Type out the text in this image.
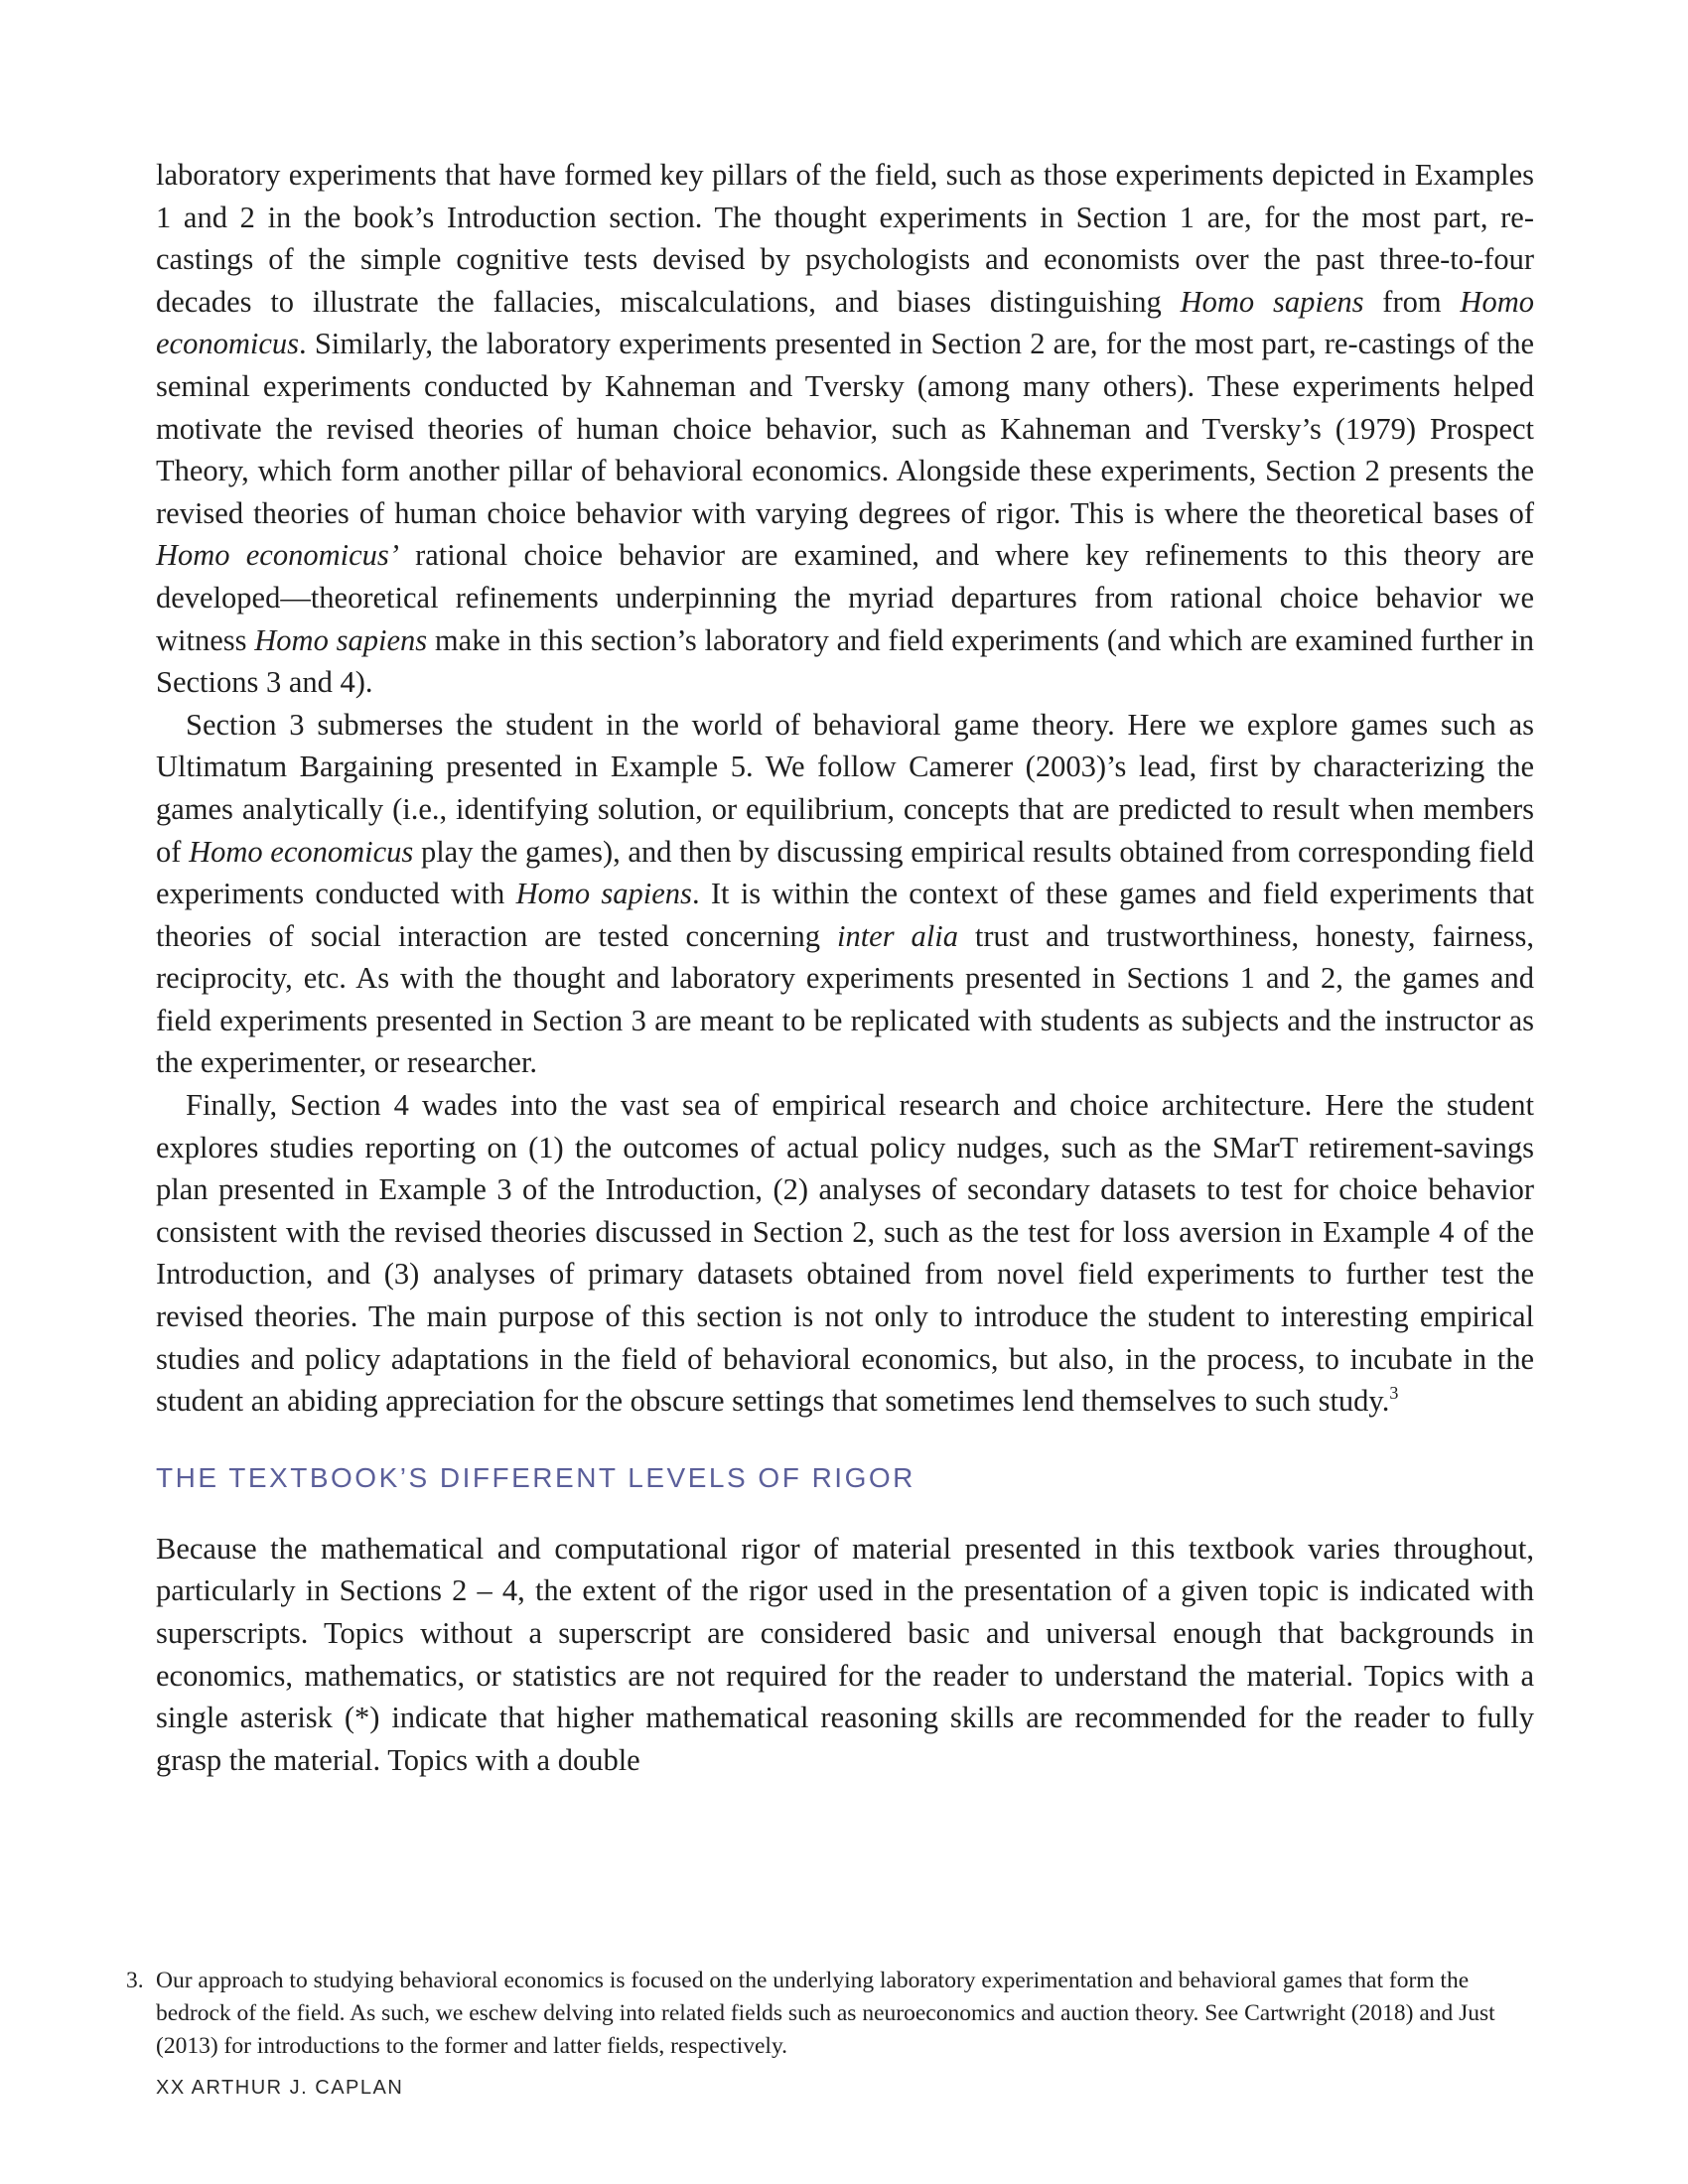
laboratory experiments that have formed key pillars of the field, such as those experiments depicted in Examples 1 and 2 in the book’s Introduction section. The thought experiments in Section 1 are, for the most part, re-castings of the simple cognitive tests devised by psychologists and economists over the past three-to-four decades to illustrate the fallacies, miscalculations, and biases distinguishing Homo sapiens from Homo economicus. Similarly, the laboratory experiments presented in Section 2 are, for the most part, re-castings of the seminal experiments conducted by Kahneman and Tversky (among many others). These experiments helped motivate the revised theories of human choice behavior, such as Kahneman and Tversky’s (1979) Prospect Theory, which form another pillar of behavioral economics. Alongside these experiments, Section 2 presents the revised theories of human choice behavior with varying degrees of rigor. This is where the theoretical bases of Homo economicus’ rational choice behavior are examined, and where key refinements to this theory are developed—theoretical refinements underpinning the myriad departures from rational choice behavior we witness Homo sapiens make in this section’s laboratory and field experiments (and which are examined further in Sections 3 and 4).

Section 3 submerses the student in the world of behavioral game theory. Here we explore games such as Ultimatum Bargaining presented in Example 5. We follow Camerer (2003)’s lead, first by characterizing the games analytically (i.e., identifying solution, or equilibrium, concepts that are predicted to result when members of Homo economicus play the games), and then by discussing empirical results obtained from corresponding field experiments conducted with Homo sapiens. It is within the context of these games and field experiments that theories of social interaction are tested concerning inter alia trust and trustworthiness, honesty, fairness, reciprocity, etc. As with the thought and laboratory experiments presented in Sections 1 and 2, the games and field experiments presented in Section 3 are meant to be replicated with students as subjects and the instructor as the experimenter, or researcher.

Finally, Section 4 wades into the vast sea of empirical research and choice architecture. Here the student explores studies reporting on (1) the outcomes of actual policy nudges, such as the SMarT retirement-savings plan presented in Example 3 of the Introduction, (2) analyses of secondary datasets to test for choice behavior consistent with the revised theories discussed in Section 2, such as the test for loss aversion in Example 4 of the Introduction, and (3) analyses of primary datasets obtained from novel field experiments to further test the revised theories. The main purpose of this section is not only to introduce the student to interesting empirical studies and policy adaptations in the field of behavioral economics, but also, in the process, to incubate in the student an abiding appreciation for the obscure settings that sometimes lend themselves to such study.$^3$

THE TEXTBOOK’S DIFFERENT LEVELS OF RIGOR

Because the mathematical and computational rigor of material presented in this textbook varies throughout, particularly in Sections 2 – 4, the extent of the rigor used in the presentation of a given topic is indicated with superscripts. Topics without a superscript are considered basic and universal enough that backgrounds in economics, mathematics, or statistics are not required for the reader to understand the material. Topics with a single asterisk (*) indicate that higher mathematical reasoning skills are recommended for the reader to fully grasp the material. Topics with a double

3. Our approach to studying behavioral economics is focused on the underlying laboratory experimentation and behavioral games that form the bedrock of the field. As such, we eschew delving into related fields such as neuroeconomics and auction theory. See Cartwright (2018) and Just (2013) for introductions to the former and latter fields, respectively.
XX ARTHUR J. CAPLAN
